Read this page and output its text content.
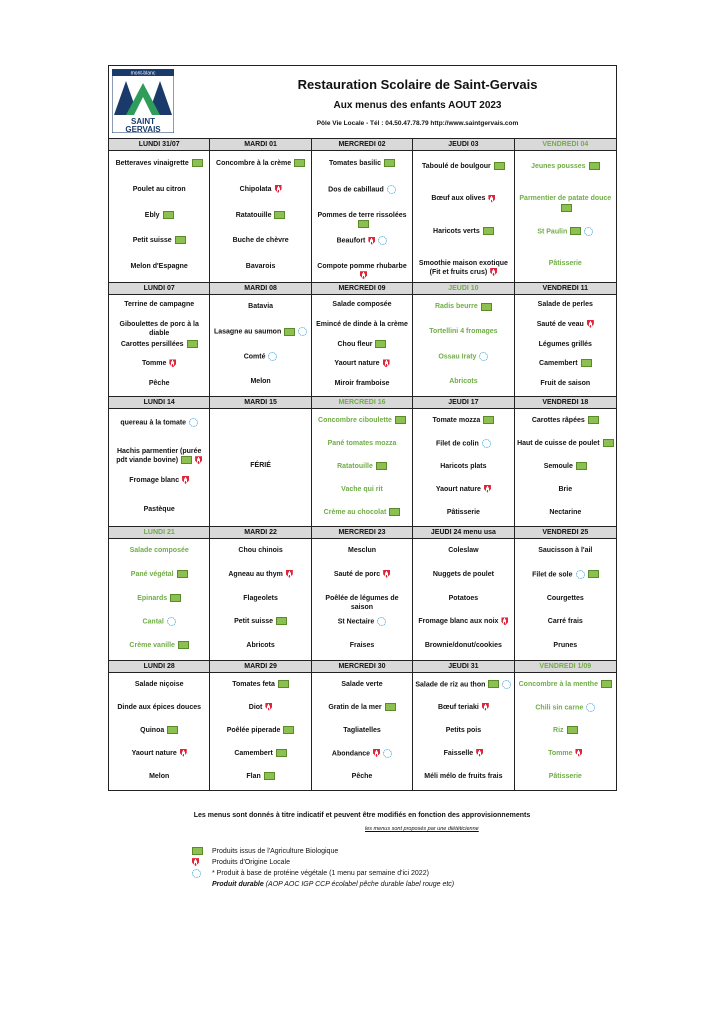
mont-blanc
SAINT
GERVAIS
Restauration Scolaire de Saint-Gervais
Aux menus des enfants AOUT 2023
Pôle Vie Locale - Tél : 04.50.47.78.79 http://www.saintgervais.com
LUNDI 31/07
Betteraves vinaigrette
Poulet au citron
Ebly
Petit suisse
Melon d'Espagne
MARDI 01
Concombre à la crème
Chipolata
Ratatouille
Buche de chèvre
Bavarois
MERCREDI 02
Tomates basilic
Dos de cabillaud
Pommes de terre rissolées
Beaufort
Compote pomme rhubarbe
JEUDI 03
Taboulé de boulgour
Bœuf aux olives
Haricots verts
Smoothie maison exotique (Fit et fruits crus)
VENDREDI 04
Jeunes pousses
Parmentier de patate douce
St Paulin
Pâtisserie
LUNDI 07
Terrine de campagne
Giboulettes de porc à la diable
Carottes persillées
Tomme
Pêche
MARDI 08
Batavia
Lasagne au saumon
Comté
Melon
MERCREDI 09
Salade composée
Emincé de dinde à la crème
Chou fleur
Yaourt nature
Miroir framboise
JEUDI 10
Radis beurre
Tortellini 4 fromages
Ossau Iraty
Abricots
VENDREDI 11
Salade de perles
Sauté de veau
Légumes grillés
Camembert
Fruit de saison
LUNDI 14
quereau à la tomate
Hachis parmentier (purée pdt viande bovine)
Fromage blanc
Pastèque
MARDI 15
FÉRIÉ
MERCREDI 16
Concombre ciboulette
Pané tomates mozza
Ratatouille
Vache qui rit
Crème au chocolat
JEUDI 17
Tomate mozza
Filet de colin
Haricots plats
Yaourt nature
Pâtisserie
VENDREDI 18
Carottes râpées
Haut de cuisse de poulet
Semoule
Brie
Nectarine
LUNDI 21
Salade composée
Pané végétal
Epinards
Cantal
Crème vanille
MARDI 22
Chou chinois
Agneau au thym
Flageolets
Petit suisse
Abricots
MERCREDI 23
Mesclun
Sauté de porc
Poêlée de légumes de saison
St Nectaire
Fraises
JEUDI 24 menu usa
Coleslaw
Nuggets de poulet
Potatoes
Fromage blanc aux noix
Brownie/donut/cookies
VENDREDI 25
Saucisson à l'ail
Filet de sole
Courgettes
Carré frais
Prunes
LUNDI 28
Salade niçoise
Dinde aux épices douces
Quinoa
Yaourt nature
Melon
MARDI 29
Tomates feta
Diot
Poêlée piperade
Camembert
Flan
MERCREDI 30
Salade verte
Gratin de la mer
Tagliatelles
Abondance
Pêche
JEUDI 31
Salade de riz au thon
Bœuf teriaki
Petits pois
Faisselle
Méli mélo de fruits frais
VENDREDI 1/09
Concombre à la menthe
Chili sin carne
Riz
Tomme
Pâtisserie
Les menus sont donnés à titre indicatif et peuvent être modifiés en fonction des approvisionnements
les menus sont proposés par une diététicienne
Produits issus de l'Agriculture Biologique
Produits d'Origine Locale
* Produit à base de protéine végétale (1 menu par semaine d'ici 2022)
Produit durable
(AOP AOC IGP CCP écolabel pêche durable label rouge etc)
